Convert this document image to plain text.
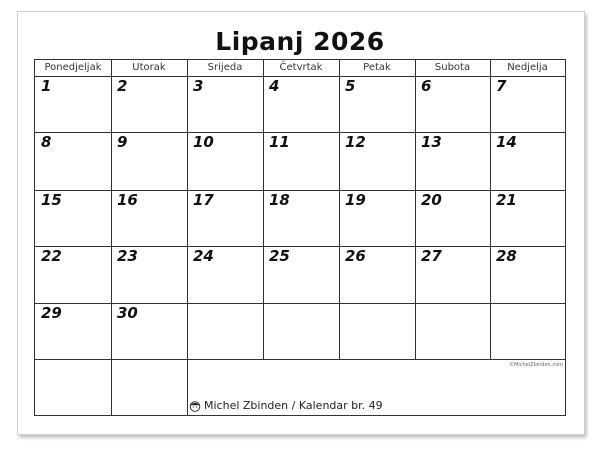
Lipanj 2026
Ponedjeljak	Utorak	Srijeda	Četvrtak	Petak	Subota	Nedjelja
1	2	3	4	5	6	7
8	9	10	11	12	13	14
15	16	17	18	19	20	21
22	23	24	25	26	27	28
29	30
©MichelZbinden.com
Michel Zbinden / Kalendar br. 49
